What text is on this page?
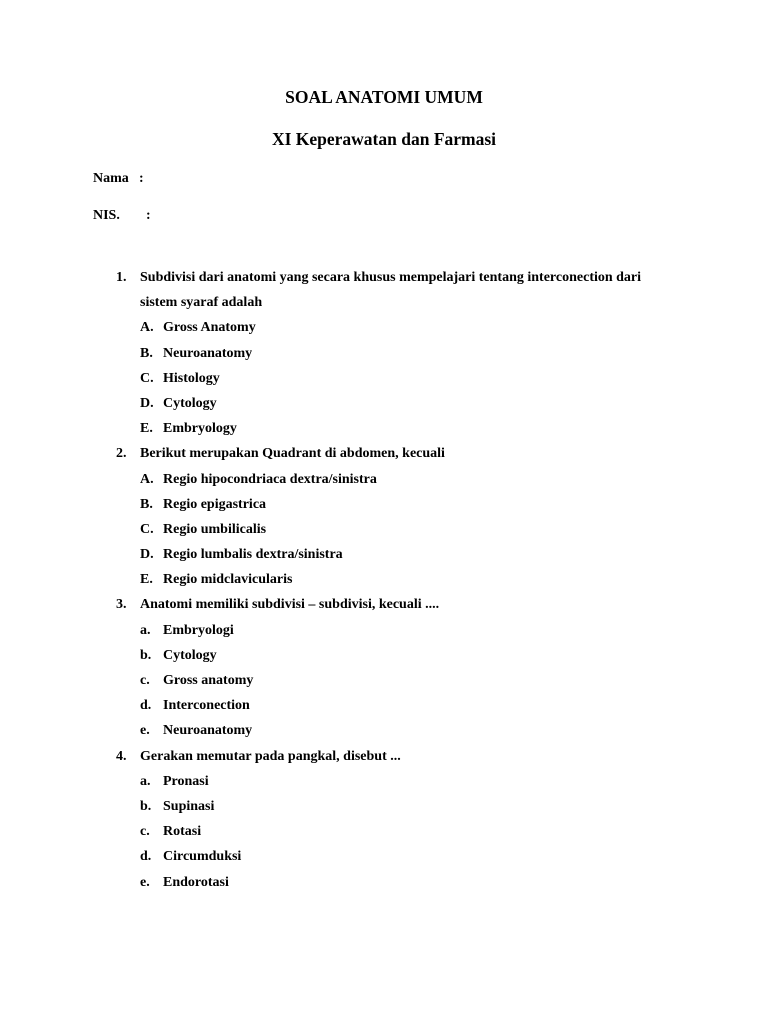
SOAL ANATOMI UMUM
XI Keperawatan dan Farmasi

Nama :

NIS. :

1. Subdivisi dari anatomi yang secara khusus mempelajari tentang interconection dari sistem syaraf adalah
A. Gross Anatomy
B. Neuroanatomy
C. Histology
D. Cytology
E. Embryology
2. Berikut merupakan Quadrant di abdomen, kecuali
A. Regio hipocondriaca dextra/sinistra
B. Regio epigastrica
C. Regio umbilicalis
D. Regio lumbalis dextra/sinistra
E. Regio midclavicularis
3. Anatomi memiliki subdivisi – subdivisi, kecuali ....
a. Embryologi
b. Cytology
c. Gross anatomy
d. Interconection
e. Neuroanatomy
4. Gerakan memutar pada pangkal, disebut ...
a. Pronasi
b. Supinasi
c. Rotasi
d. Circumduksi
e. Endorotasi
